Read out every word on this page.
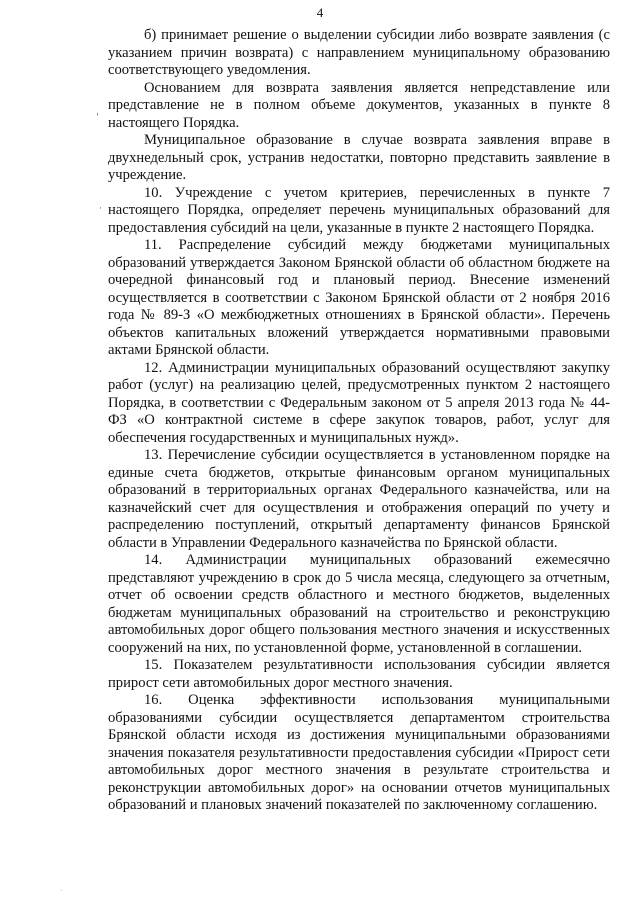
4
ˌ
·
·

б) принимает решение о выделении субсидии либо возврате заявления (с указанием причин возврата) с направлением муниципальному образованию соответствующего уведомления.

Основанием для возврата заявления является непредставление или представление не в полном объеме документов, указанных в пункте 8 настоящего Порядка.

Муниципальное образование в случае возврата заявления вправе в двухнедельный срок, устранив недостатки, повторно представить заявление в учреждение.

10. Учреждение с учетом критериев, перечисленных в пункте 7 настоящего Порядка, определяет перечень муниципальных образований для предоставления субсидий на цели, указанные в пункте 2 настоящего Порядка.

11. Распределение субсидий между бюджетами муниципальных образований утверждается Законом Брянской области об областном бюджете на очередной финансовый год и плановый период. Внесение изменений осуществляется в соответствии с Законом Брянской области от 2 ноября 2016 года № 89-З «О межбюджетных отношениях в Брянской области». Перечень объектов капитальных вложений утверждается нормативными правовыми актами Брянской области.

12. Администрации муниципальных образований осуществляют закупку работ (услуг) на реализацию целей, предусмотренных пунктом 2 настоящего Порядка, в соответствии с Федеральным законом от 5 апреля 2013 года № 44-ФЗ «О контрактной системе в сфере закупок товаров, работ, услуг для обеспечения государственных и муниципальных нужд».

13. Перечисление субсидии осуществляется в установленном порядке на единые счета бюджетов, открытые финансовым органом муниципальных образований в территориальных органах Федерального казначейства, или на казначейский счет для осуществления и отображения операций по учету и распределению поступлений, открытый департаменту финансов Брянской области в Управлении Федерального казначейства по Брянской области.

14. Администрации муниципальных образований ежемесячно представляют учреждению в срок до 5 числа месяца, следующего за отчетным, отчет об освоении средств областного и местного бюджетов, выделенных бюджетам муниципальных образований на строительство и реконструкцию автомобильных дорог общего пользования местного значения и искусственных сооружений на них, по установленной форме, установленной в соглашении.

15. Показателем результативности использования субсидии является прирост сети автомобильных дорог местного значения.

16. Оценка эффективности использования муниципальными образованиями субсидии осуществляется департаментом строительства Брянской области исходя из достижения муниципальными образованиями значения показателя результативности предоставления субсидии «Прирост сети автомобильных дорог местного значения в результате строительства и реконструкции автомобильных дорог» на основании отчетов муниципальных образований и плановых значений показателей по заключенному соглашению.
